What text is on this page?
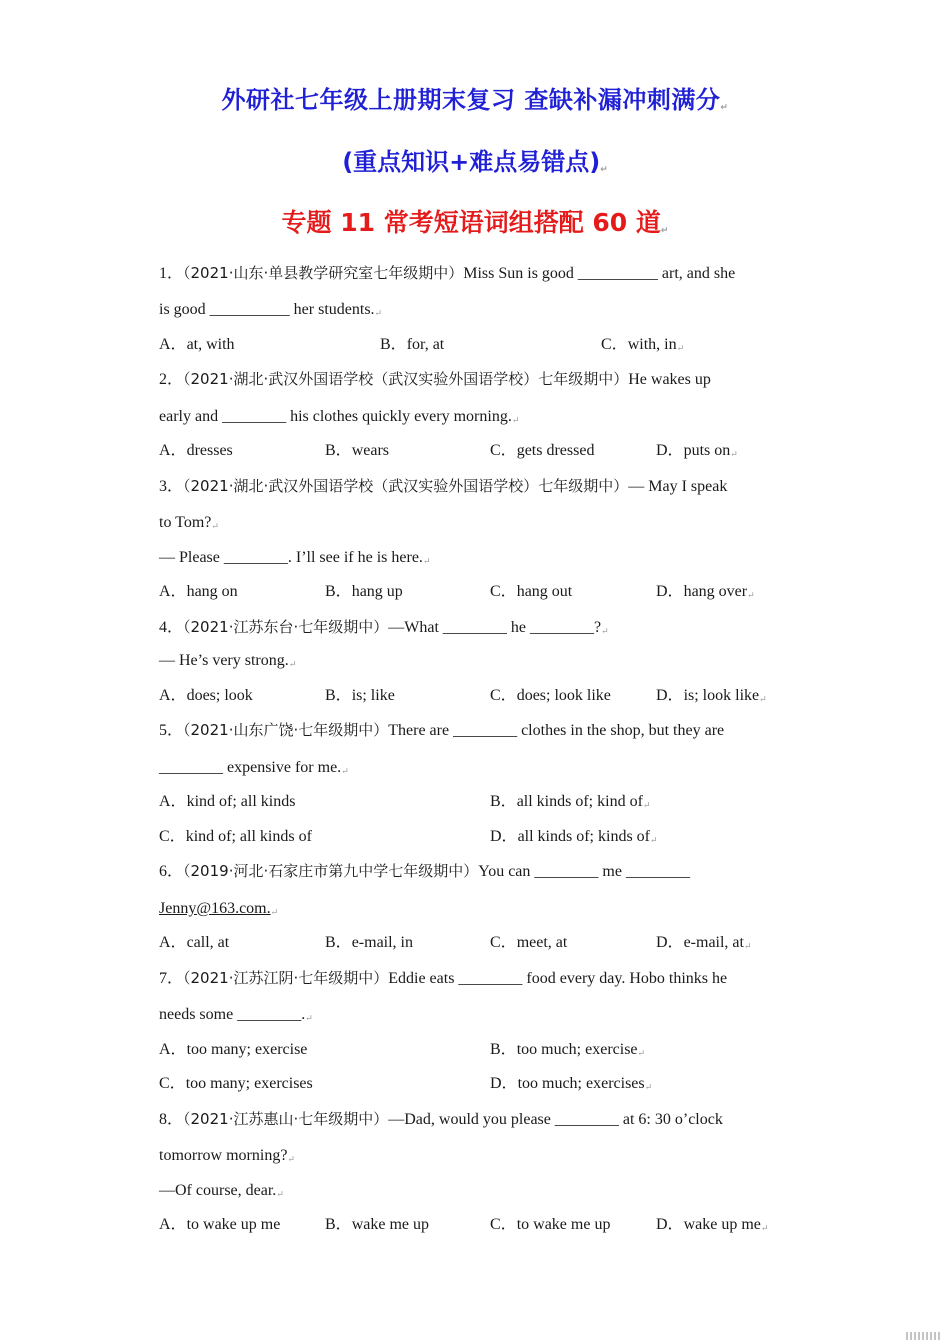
外研社七年级上册期末复习 查缺补漏冲刺满分↵
(重点知识+难点易错点)↵
专题 11 常考短语词组搭配 60 道↵
1．（2021·山东·单县教学研究室七年级期中）Miss Sun is good __________ art, and she
is good __________ her students.↵
A．at, with	B．for, at	C．with, in↵
2．（2021·湖北·武汉外国语学校（武汉实验外国语学校）七年级期中）He wakes up
early and ________ his clothes quickly every morning.↵
A．dresses	B．wears	C．gets dressed	D．puts on↵
3．（2021·湖北·武汉外国语学校（武汉实验外国语学校）七年级期中）— May I speak
to Tom?↵
— Please ________. I’ll see if he is here.↵
A．hang on	B．hang up	C．hang out	D．hang over↵
4．（2021·江苏东台·七年级期中）—What ________ he ________?↵
— He’s very strong.↵
A．does; look	B．is; like	C．does; look like	D．is; look like↵
5．（2021·山东广饶·七年级期中）There are ________ clothes in the shop, but they are
________ expensive for me.↵
A．kind of; all kinds	B．all kinds of; kind of↵
C．kind of; all kinds of	D．all kinds of; kinds of↵
6．（2019·河北·石家庄市第九中学七年级期中）You can ________ me ________
Jenny@163.com.↵
A．call, at	B．e-mail, in	C．meet, at	D．e-mail, at↵
7．（2021·江苏江阴·七年级期中）Eddie eats ________ food every day. Hobo thinks he
needs some ________.↵
A．too many; exercise	B．too much; exercise↵
C．too many; exercises	D．too much; exercises↵
8．（2021·江苏惠山·七年级期中）—Dad, would you please ________ at 6: 30 o’clock
tomorrow morning?↵
—Of course, dear.↵
A．to wake up me	B．wake me up	C．to wake me up	D．wake up me↵
